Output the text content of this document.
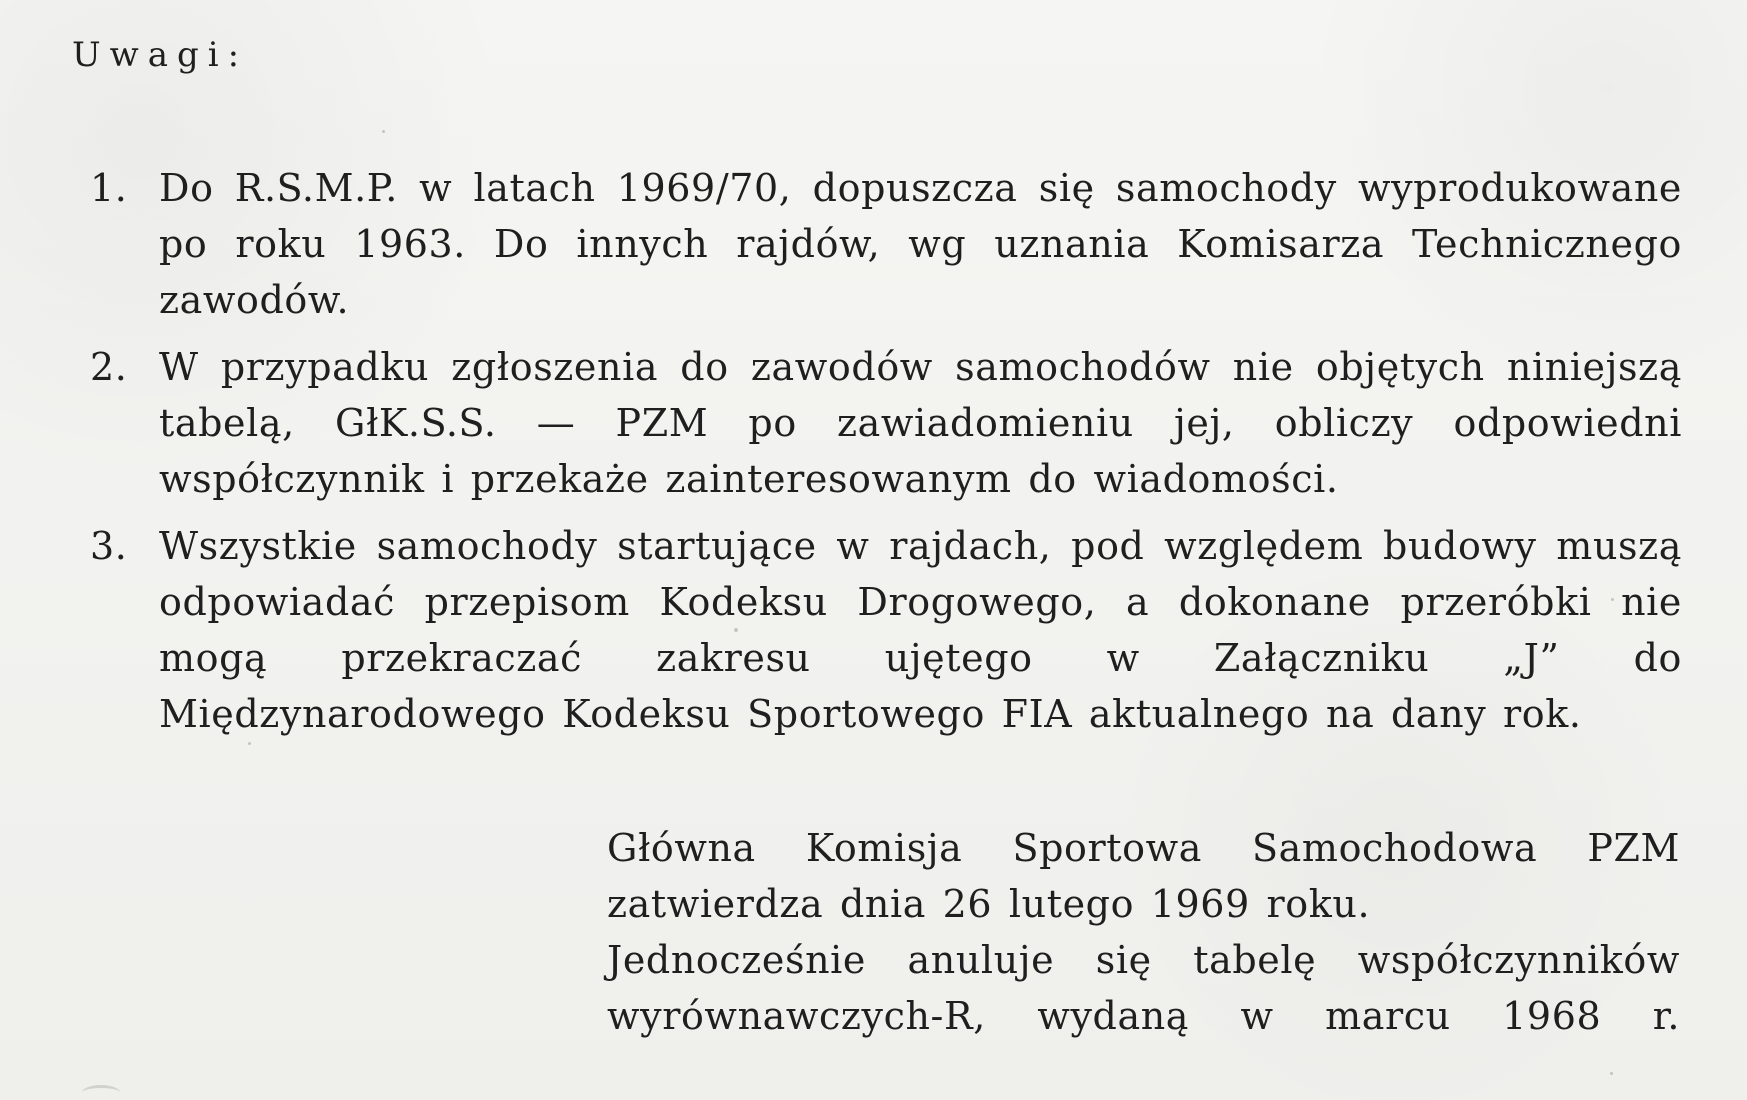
Uwagi:
1. Do R.S.M.P. w latach 1969/70, dopuszcza się samochody wyprodukowane po roku 1963. Do innych rajdów, wg uznania Komisarza Technicznego zawodów.
2. W przypadku zgłoszenia do zawodów samochodów nie objętych niniejszą tabelą, GłK.S.S. — PZM po zawiadomieniu jej, obliczy odpowiedni współczynnik i przekaże zainteresowanym do wiadomości.
3. Wszystkie samochody startujące w rajdach, pod względem budowy muszą odpowiadać przepisom Kodeksu Drogowego, a dokonane przeróbki nie mogą przekraczać zakresu ujętego w Załączniku „J” do Międzynarodowego Kodeksu Sportowego FIA aktualnego na dany rok.
Główna Komisja Sportowa Samochodowa PZM
zatwierdza dnia 26 lutego 1969 roku.
Jednocześnie anuluje się tabelę współczynników
wyrównawczych-R, wydaną w marcu 1968 r.
